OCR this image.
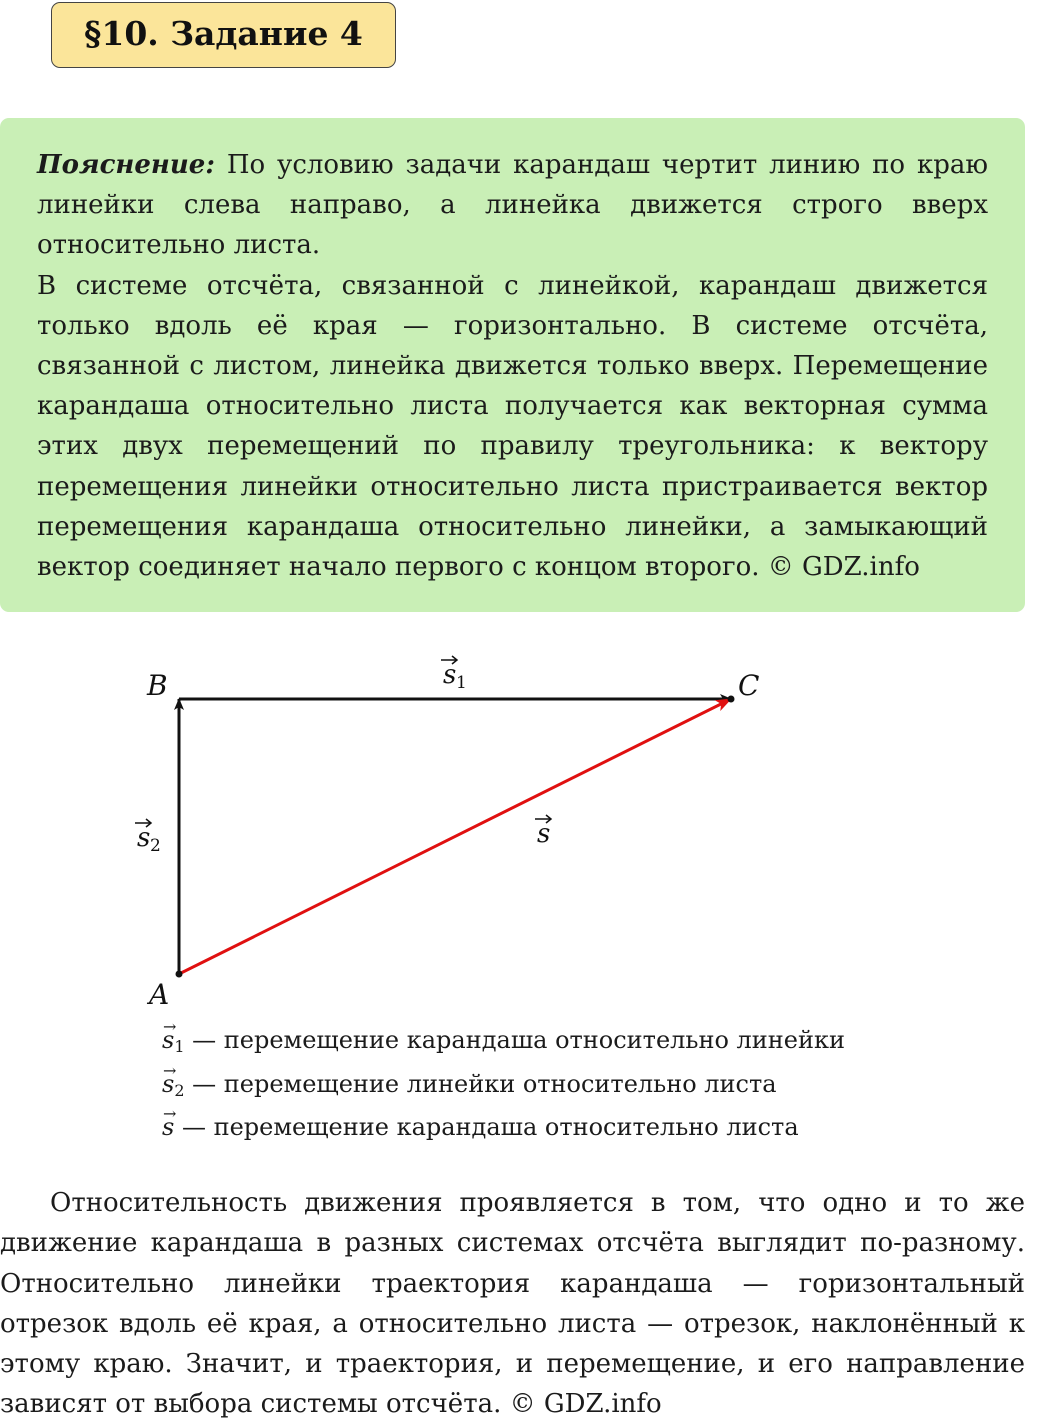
§10. Задание 4

Пояснение: По условию задачи карандаш чертит линию по краю линейки слева направо, а линейка движется строго вверх относительно листа.

В системе отсчёта, связанной с линейкой, карандаш движется только вдоль её края — горизонтально. В системе отсчёта, связанной с листом, линейка движется только вверх. Перемещение карандаша относительно листа получается как векторная сумма этих двух перемещений по правилу треугольника: к вектору перемещения линейки относительно листа пристраивается вектор перемещения карандаша относительно линейки, а замыкающий вектор соединяет начало первого с концом второго. © GDZ.info

A
B	C
s 1
s 2	s
→ $s_1$ — перемещение карандаша относительно линейки
→ $s_2$ — перемещение линейки относительно листа
→ s — перемещение карандаша относительно листа

Относительность движения проявляется в том, что одно и то же движение карандаша в разных системах отсчёта выглядит по-разному. Относительно линейки траектория карандаша — горизонтальный отрезок вдоль её края, а относительно листа — отрезок, наклонённый к этому краю. Значит, и траектория, и перемещение, и его направление зависят от выбора системы отсчёта. © GDZ.info
